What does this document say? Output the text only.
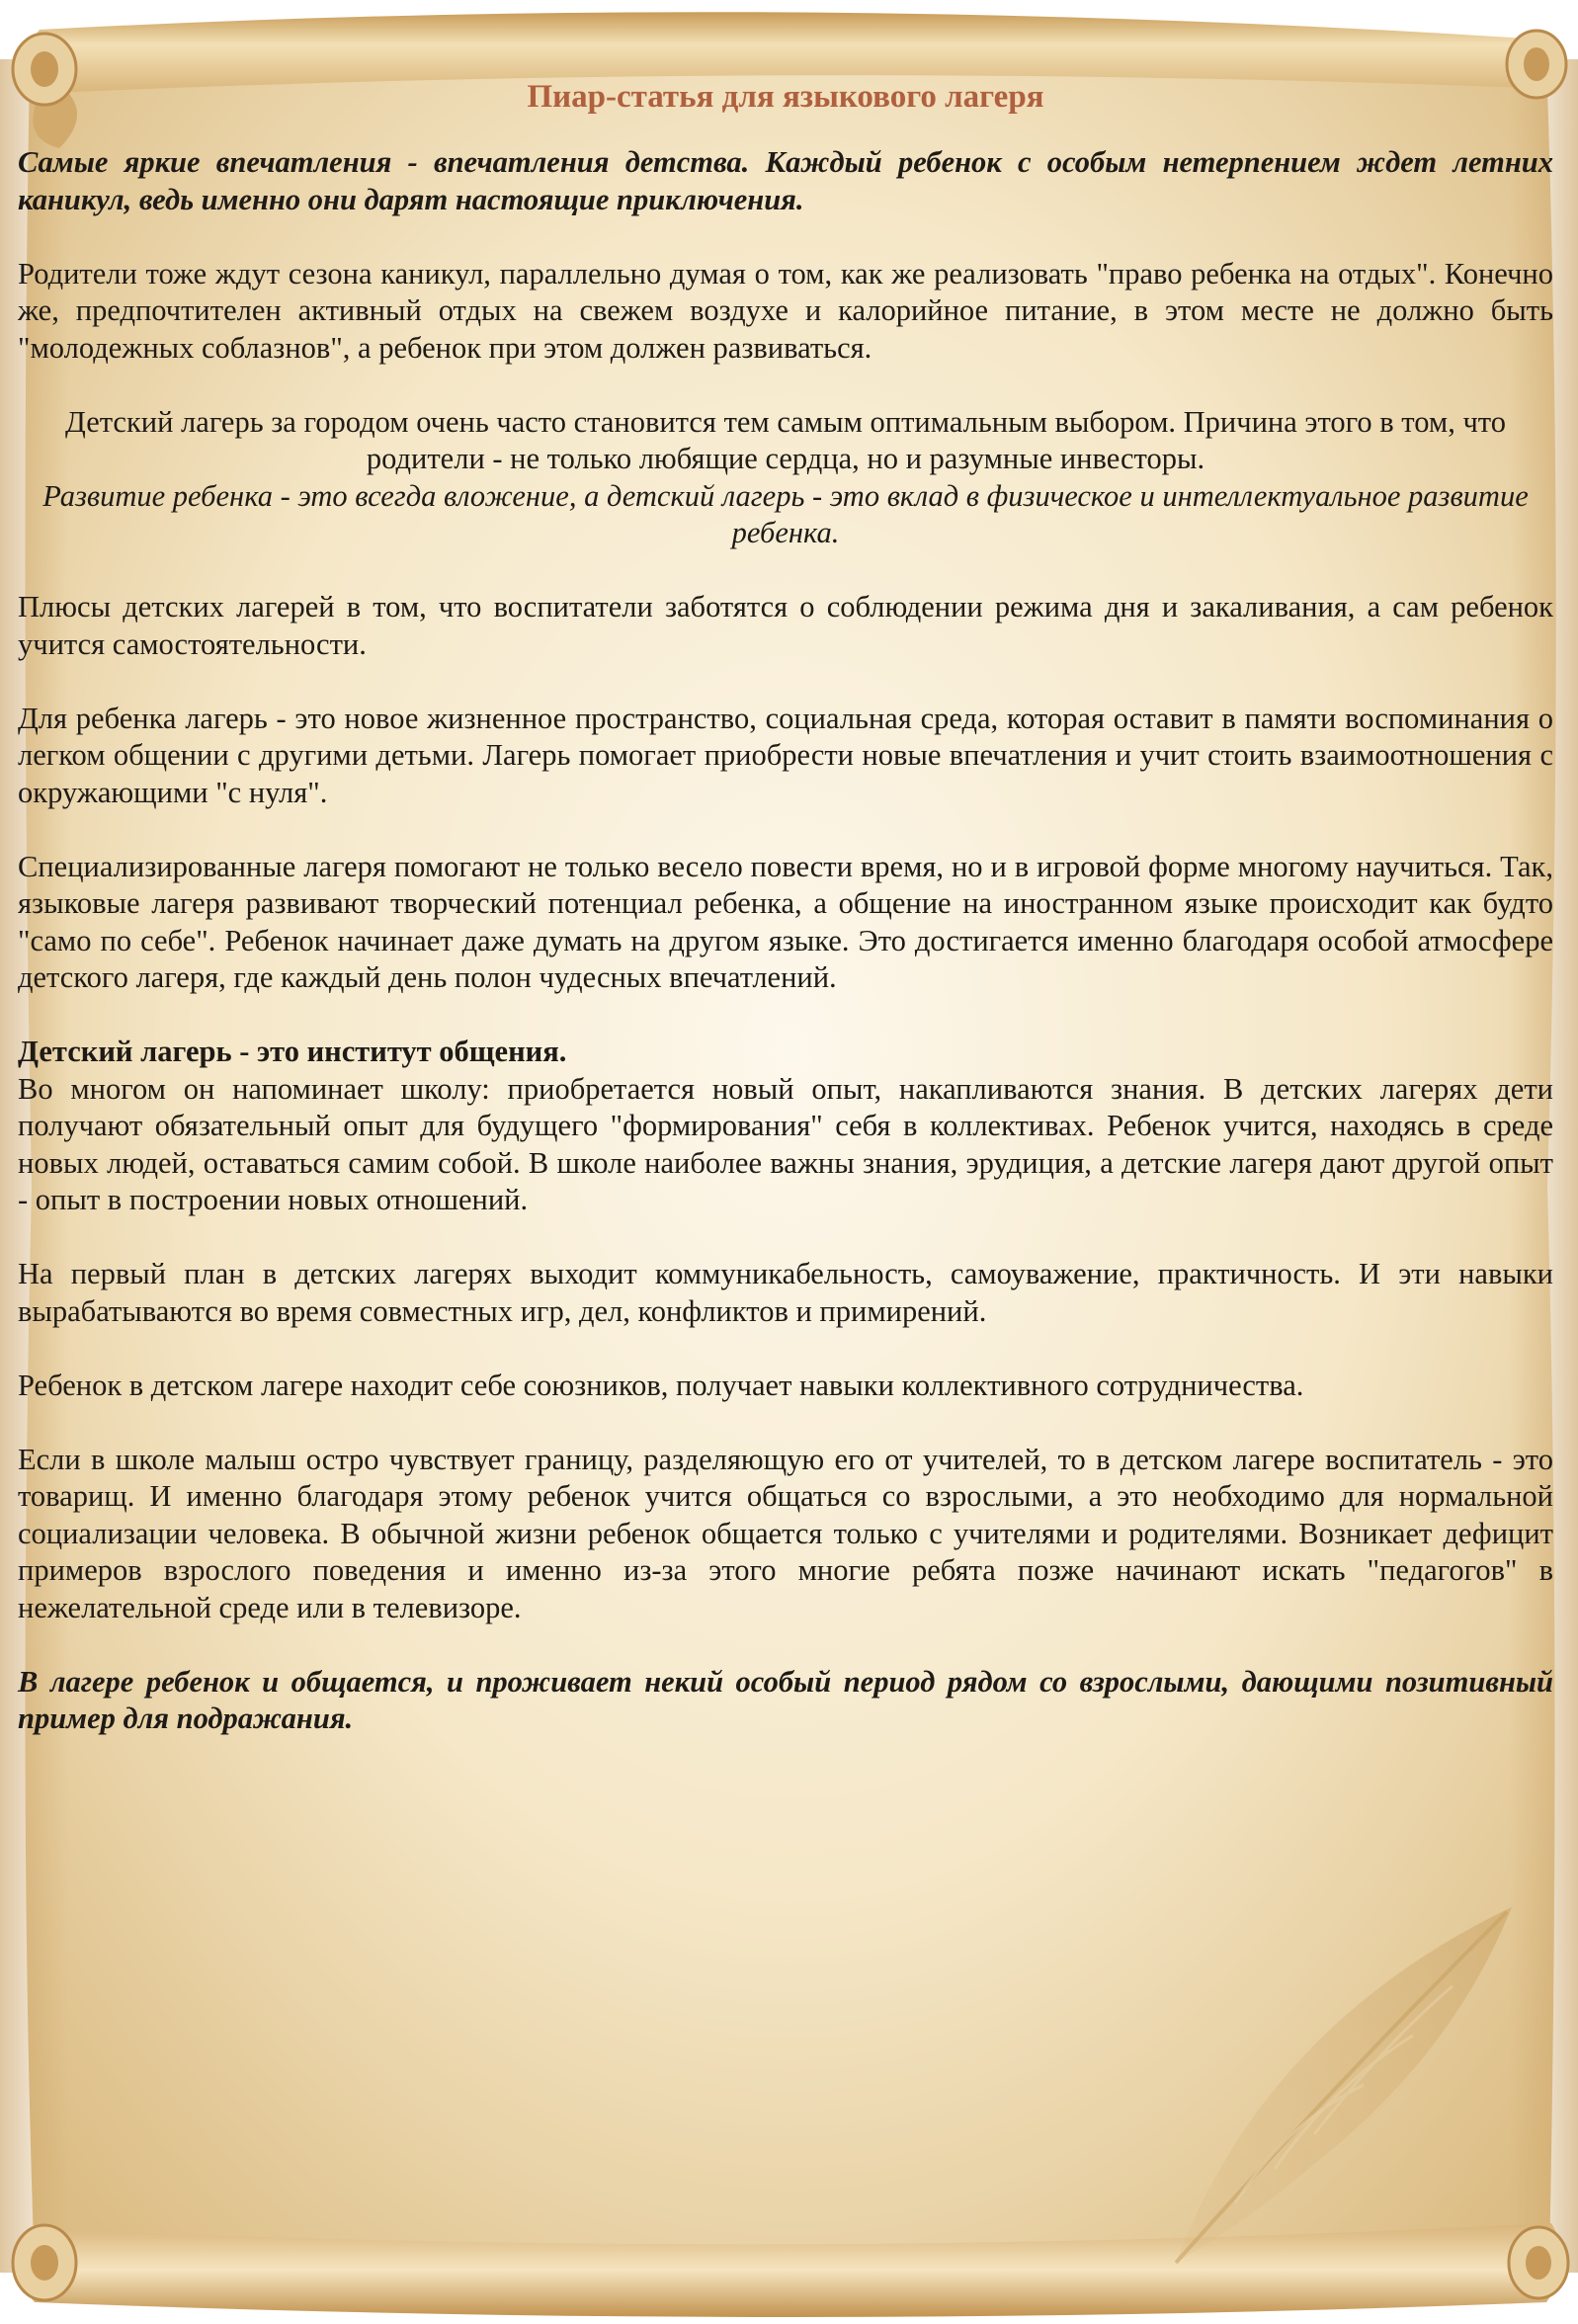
Пиар-статья для языкового лагеря

Самые яркие впечатления - впечатления детства. Каждый ребенок с особым нетерпением ждет летних каникул, ведь именно они дарят настоящие приключения.

Родители тоже ждут сезона каникул, параллельно думая о том, как же реализовать "право ребенка на отдых". Конечно же, предпочтителен активный отдых на свежем воздухе и калорийное питание, в этом месте не должно быть "молодежных соблазнов", а ребенок при этом должен развиваться.

Детский лагерь за городом очень часто становится тем самым оптимальным выбором. Причина этого в том, что родители - не только любящие сердца, но и разумные инвесторы.
Развитие ребенка - это всегда вложение, а детский лагерь - это вклад в физическое и интеллектуальное развитие ребенка.

Плюсы детских лагерей в том, что воспитатели заботятся о соблюдении режима дня и закаливания, а сам ребенок учится самостоятельности.

Для ребенка лагерь - это новое жизненное пространство, социальная среда, которая оставит в памяти воспоминания о легком общении с другими детьми. Лагерь помогает приобрести новые впечатления и учит стоить взаимоотношения с окружающими "с нуля".

Специализированные лагеря помогают не только весело повести время, но и в игровой форме многому научиться. Так, языковые лагеря развивают творческий потенциал ребенка, а общение на иностранном языке происходит как будто "само по себе". Ребенок начинает даже думать на другом языке. Это достигается именно благодаря особой атмосфере детского лагеря, где каждый день полон чудесных впечатлений.

Детский лагерь - это институт общения.
Во многом он напоминает школу: приобретается новый опыт, накапливаются знания. В детских лагерях дети получают обязательный опыт для будущего "формирования" себя в коллективах. Ребенок учится, находясь в среде новых людей, оставаться самим собой. В школе наиболее важны знания, эрудиция, а детские лагеря дают другой опыт - опыт в построении новых отношений.

На первый план в детских лагерях выходит коммуникабельность, самоуважение, практичность. И эти навыки вырабатываются во время совместных игр, дел, конфликтов и примирений.

Ребенок в детском лагере находит себе союзников, получает навыки коллективного сотрудничества.

Если в школе малыш остро чувствует границу, разделяющую его от учителей, то в детском лагере воспитатель - это товарищ. И именно благодаря этому ребенок учится общаться со взрослыми, а это необходимо для нормальной социализации человека. В обычной жизни ребенок общается только с учителями и родителями. Возникает дефицит примеров взрослого поведения и именно из-за этого многие ребята позже начинают искать "педагогов" в нежелательной среде или в телевизоре.

В лагере ребенок и общается, и проживает некий особый период рядом со взрослыми, дающими позитивный пример для подражания.
